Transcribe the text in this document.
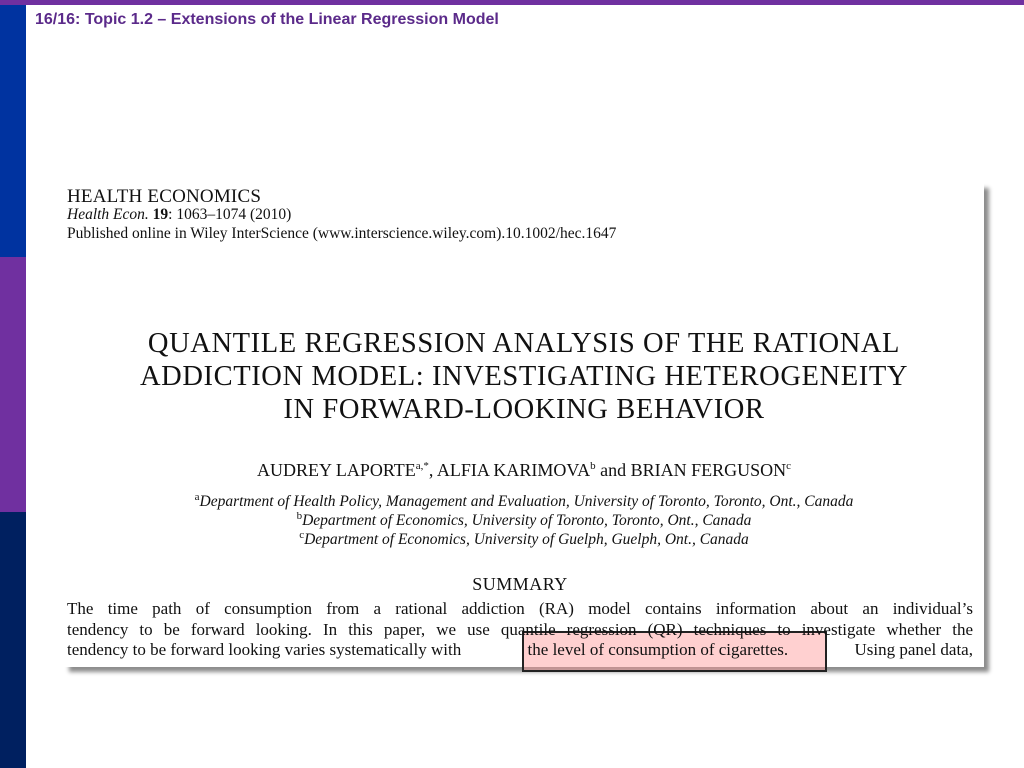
16/16: Topic 1.2 – Extensions of the Linear Regression Model
HEALTH ECONOMICS
Health Econ. 19: 1063–1074 (2010)
Published online in Wiley InterScience (www.interscience.wiley.com).10.1002/hec.1647
QUANTILE REGRESSION ANALYSIS OF THE RATIONAL
ADDICTION MODEL: INVESTIGATING HETEROGENEITY
IN FORWARD-LOOKING BEHAVIOR
AUDREY $LAPORTE^{a,*}$, ALFIA KARIMOVA$^b$ and BRIAN FERGUSON$^c$
$^a$Department of Health Policy, Management and Evaluation, University of Toronto, Toronto, Ont., Canada
$^b$Department of Economics, University of Toronto, Toronto, Ont., Canada
$^c$Department of Economics, University of Guelph, Guelph, Ont., Canada
SUMMARY
The time path of consumption from a rational addiction (RA) model contains information about an individual’s
tendency to be forward looking. In this paper, we use quantile regression (QR) techniques to investigate whether the
tendency to be forward looking varies systematically with	the level of consumption of cigarettes.	Using panel data,
